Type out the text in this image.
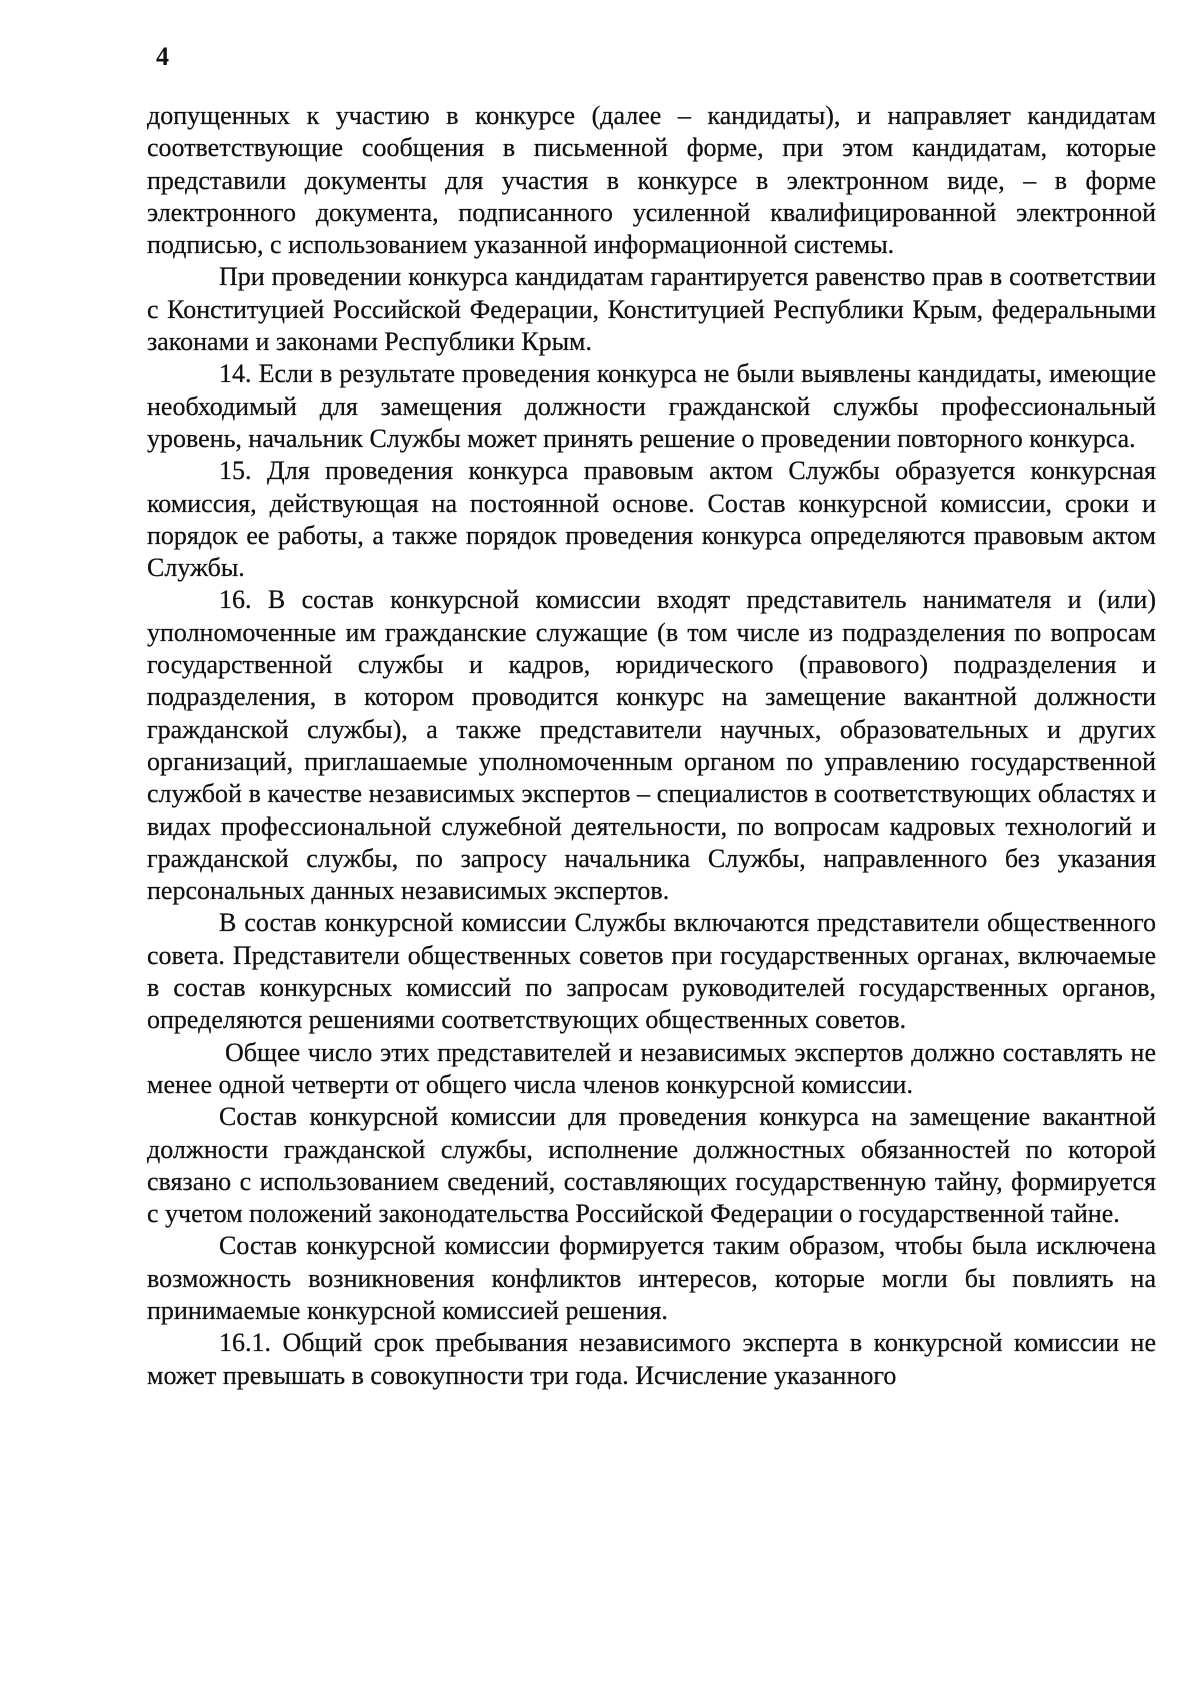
4

допущенных к участию в конкурсе (далее – кандидаты), и направляет кандидатам соответствующие сообщения в письменной форме, при этом кандидатам, которые представили документы для участия в конкурсе в электронном виде, – в форме электронного документа, подписанного усиленной квалифицированной электронной подписью, с использованием указанной информационной системы.

При проведении конкурса кандидатам гарантируется равенство прав в соответствии с Конституцией Российской Федерации, Конституцией Республики Крым, федеральными законами и законами Республики Крым.

14. Если в результате проведения конкурса не были выявлены кандидаты, имеющие необходимый для замещения должности гражданской службы профессиональный уровень, начальник Службы может принять решение о проведении повторного конкурса.

15. Для проведения конкурса правовым актом Службы образуется конкурсная комиссия, действующая на постоянной основе. Состав конкурсной комиссии, сроки и порядок ее работы, а также порядок проведения конкурса определяются правовым актом Службы.

16. В состав конкурсной комиссии входят представитель нанимателя и (или) уполномоченные им гражданские служащие (в том числе из подразделения по вопросам государственной службы и кадров, юридического (правового) подразделения и подразделения, в котором проводится конкурс на замещение вакантной должности гражданской службы), а также представители научных, образовательных и других организаций, приглашаемые уполномоченным органом по управлению государственной службой в качестве независимых экспертов – специалистов в соответствующих областях и видах профессиональной служебной деятельности, по вопросам кадровых технологий и гражданской службы, по запросу начальника Службы, направленного без указания персональных данных независимых экспертов.

В состав конкурсной комиссии Службы включаются представители общественного совета. Представители общественных советов при государственных органах, включаемые в состав конкурсных комиссий по запросам руководителей государственных органов, определяются решениями соответствующих общественных советов.

Общее число этих представителей и независимых экспертов должно составлять не менее одной четверти от общего числа членов конкурсной комиссии.

Состав конкурсной комиссии для проведения конкурса на замещение вакантной должности гражданской службы, исполнение должностных обязанностей по которой связано с использованием сведений, составляющих государственную тайну, формируется с учетом положений законодательства Российской Федерации о государственной тайне.

Состав конкурсной комиссии формируется таким образом, чтобы была исключена возможность возникновения конфликтов интересов, которые могли бы повлиять на принимаемые конкурсной комиссией решения.

16.1. Общий срок пребывания независимого эксперта в конкурсной комиссии не может превышать в совокупности три года. Исчисление указанного
